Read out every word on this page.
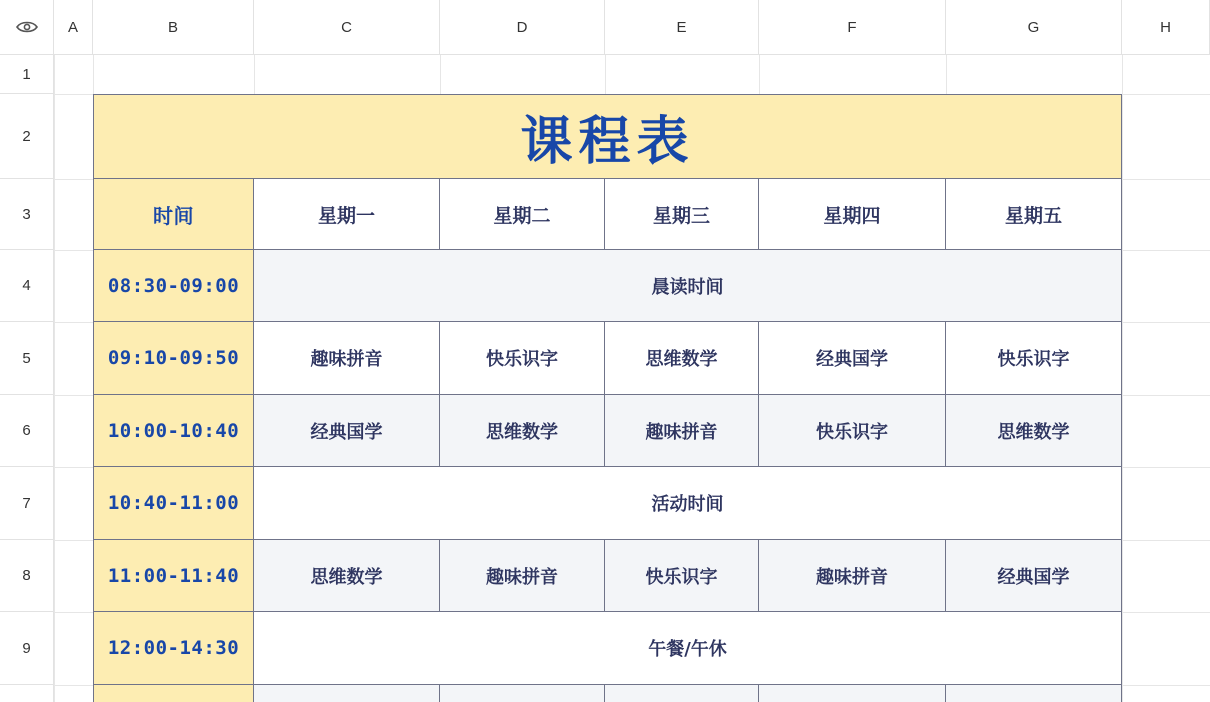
A	B	C	D	E	F	G	H
1
2
3
4
5
6
7
8
9
课程表
时间	星期一	星期二	星期三	星期四	星期五
08:30-09:00	晨读时间
09:10-09:50	趣味拼音	快乐识字	思维数学	经典国学	快乐识字
10:00-10:40	经典国学	思维数学	趣味拼音	快乐识字	思维数学
10:40-11:00	活动时间
11:00-11:40	思维数学	趣味拼音	快乐识字	趣味拼音	经典国学
12:00-14:30	午餐/午休
